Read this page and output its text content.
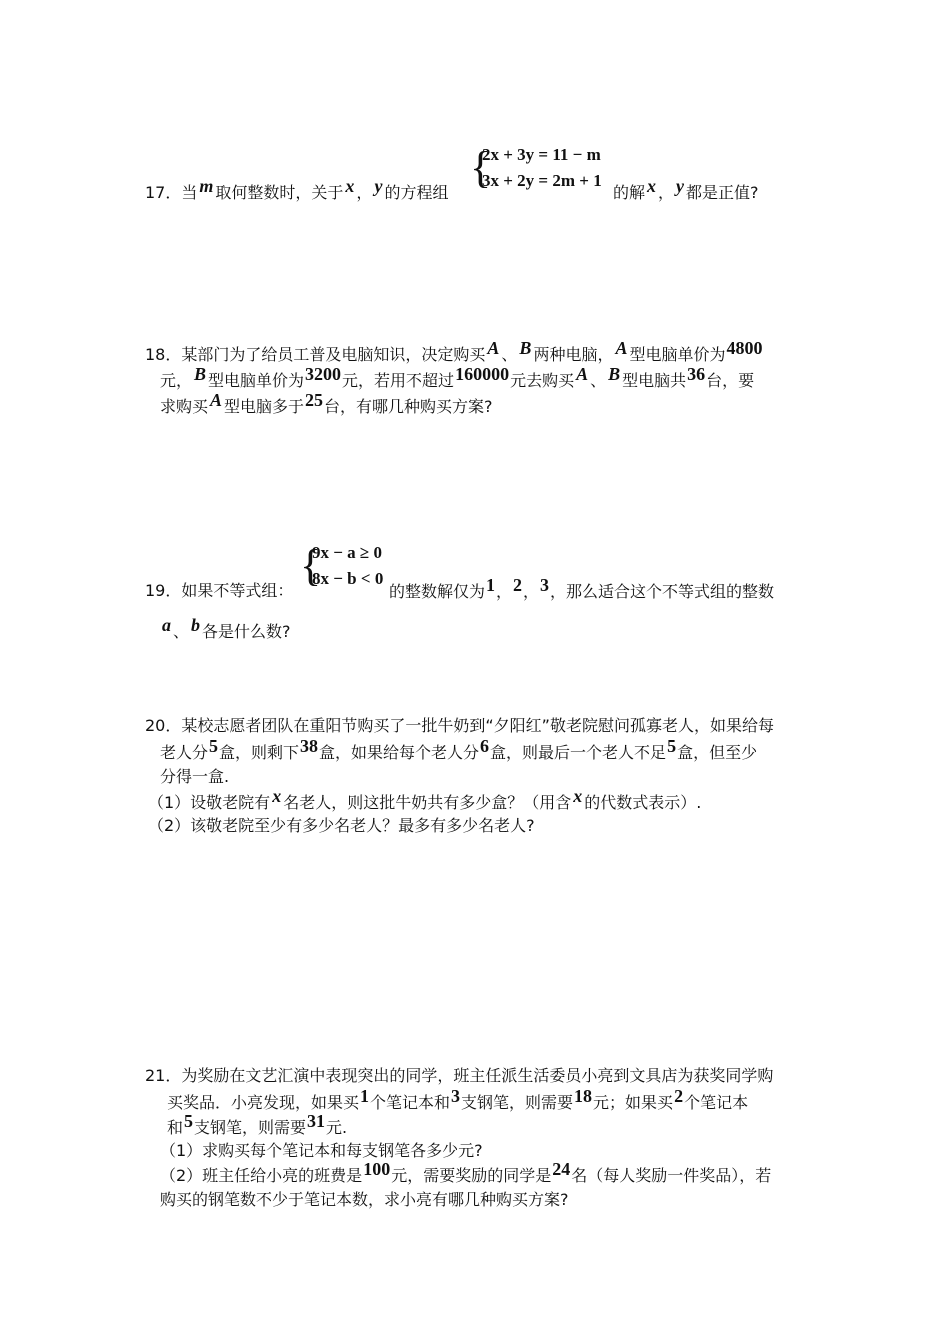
{
2x + 3y = 11 − m
3x + 2y = 2m + 1
17．当 m 取何整数时，关于 x ， y 的方程组	的解 x ， y 都是正值?
18．某部门为了给员工普及电脑知识，决定购买 A 、 B 两种电脑， A 型电脑单价为4800
元， B 型电脑单价为3200元，若用不超过160000元去购买 A 、 B 型电脑共36台，要
求购买 A 型电脑多于25台，有哪几种购买方案?
{
9x − a ≥ 0
8x − b < 0
19．如果不等式组：	的整数解仅为1，2，3，那么适合这个不等式组的整数
a 、 b 各是什么数?
20．某校志愿者团队在重阳节购买了一批牛奶到“夕阳红”敬老院慰问孤寡老人，如果给每
老人分5盒，则剩下38盒，如果给每个老人分6盒，则最后一个老人不足5盒，但至少
分得一盒.
（1）设敬老院有 x 名老人，则这批牛奶共有多少盒？（用含 x 的代数式表示）.
（2）该敬老院至少有多少名老人？最多有多少名老人?
21．为奖励在文艺汇演中表现突出的同学，班主任派生活委员小亮到文具店为获奖同学购
买奖品．小亮发现，如果买1个笔记本和3支钢笔，则需要18元；如果买2个笔记本
和5支钢笔，则需要31元.
（1）求购买每个笔记本和每支钢笔各多少元?
（2）班主任给小亮的班费是100元，需要奖励的同学是24名（每人奖励一件奖品），若
购买的钢笔数不少于笔记本数，求小亮有哪几种购买方案?
